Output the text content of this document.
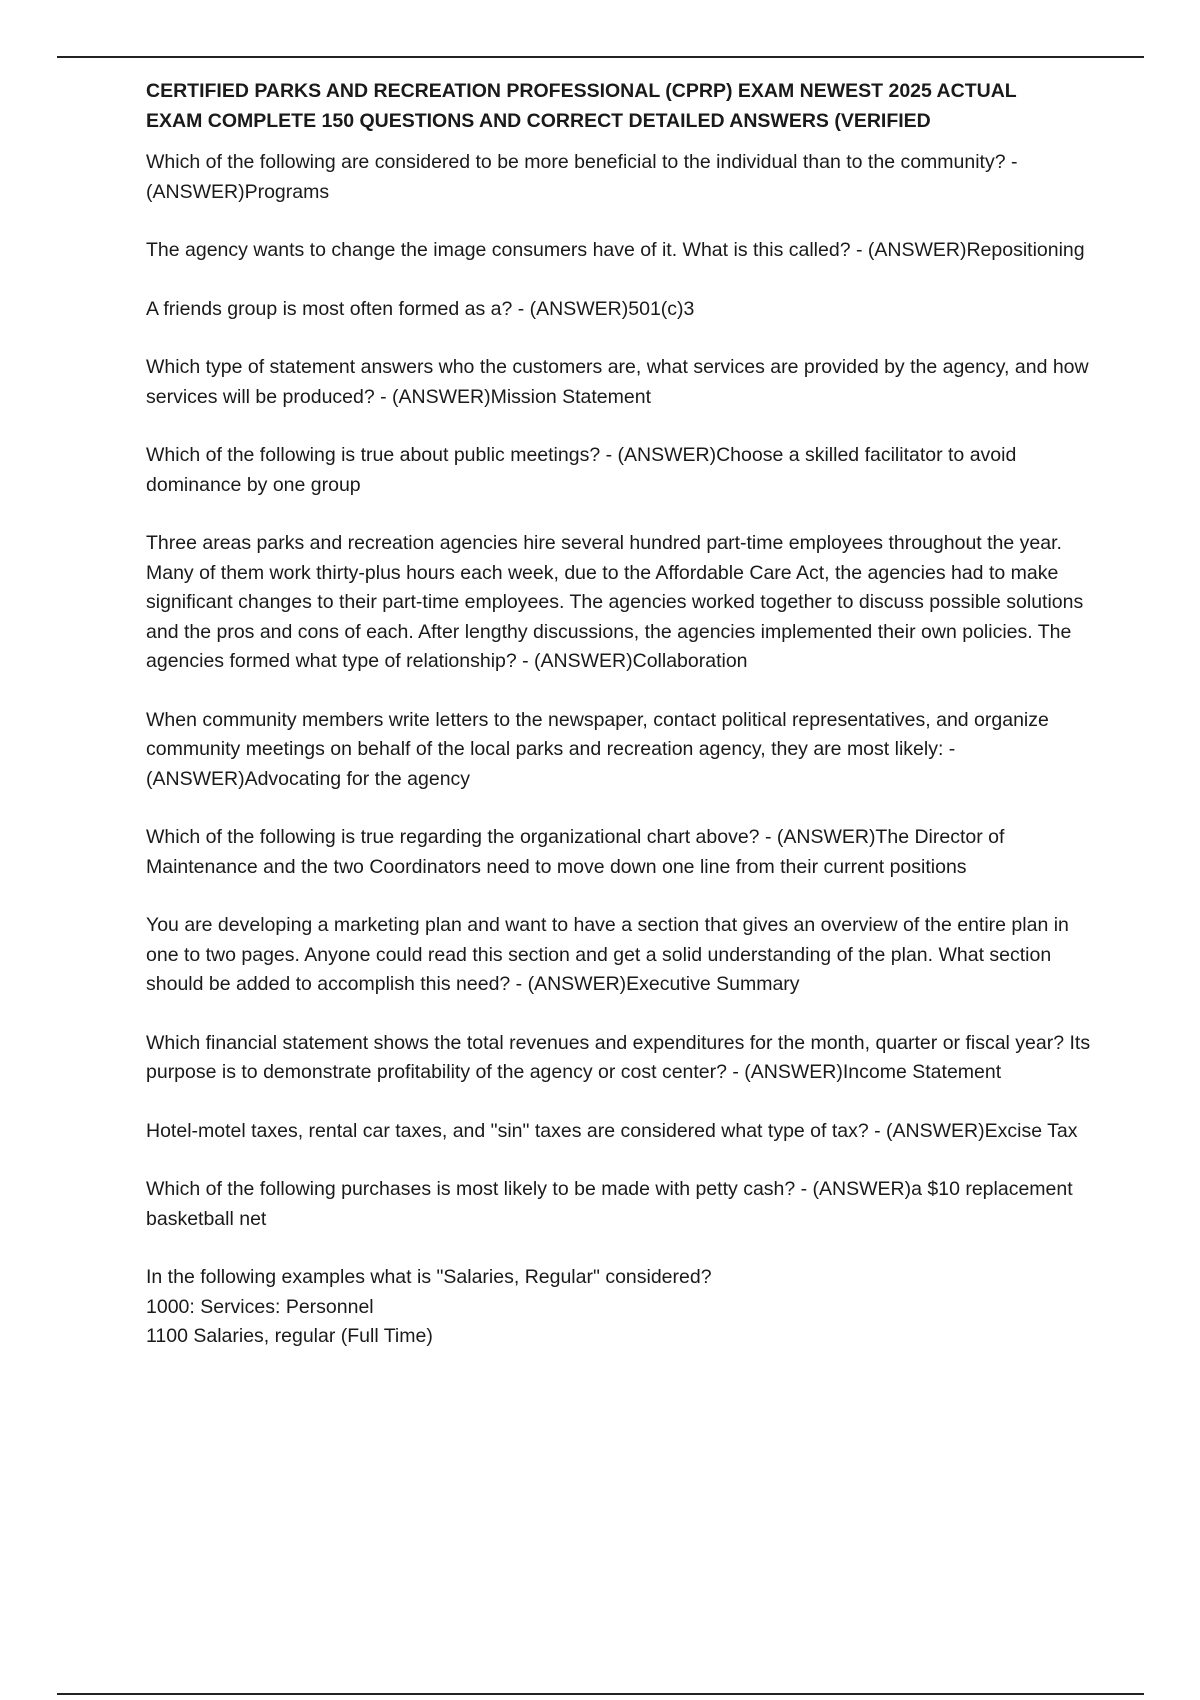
CERTIFIED PARKS AND RECREATION PROFESSIONAL (CPRP) EXAM NEWEST 2025 ACTUAL
EXAM COMPLETE 150 QUESTIONS AND CORRECT DETAILED ANSWERS (VERIFIED

Which of the following are considered to be more beneficial to the individual than to the community? - (ANSWER)Programs

The agency wants to change the image consumers have of it. What is this called? - (ANSWER)Repositioning

A friends group is most often formed as a? - (ANSWER)501(c)3

Which type of statement answers who the customers are, what services are provided by the agency, and how services will be produced? - (ANSWER)Mission Statement

Which of the following is true about public meetings? - (ANSWER)Choose a skilled facilitator to avoid dominance by one group

Three areas parks and recreation agencies hire several hundred part-time employees throughout the year. Many of them work thirty-plus hours each week, due to the Affordable Care Act, the agencies had to make significant changes to their part-time employees. The agencies worked together to discuss possible solutions and the pros and cons of each. After lengthy discussions, the agencies implemented their own policies. The agencies formed what type of relationship? - (ANSWER)Collaboration

When community members write letters to the newspaper, contact political representatives, and organize community meetings on behalf of the local parks and recreation agency, they are most likely: - (ANSWER)Advocating for the agency

Which of the following is true regarding the organizational chart above? - (ANSWER)The Director of Maintenance and the two Coordinators need to move down one line from their current positions

You are developing a marketing plan and want to have a section that gives an overview of the entire plan in one to two pages. Anyone could read this section and get a solid understanding of the plan. What section should be added to accomplish this need? - (ANSWER)Executive Summary

Which financial statement shows the total revenues and expenditures for the month, quarter or fiscal year? Its purpose is to demonstrate profitability of the agency or cost center? - (ANSWER)Income Statement

Hotel-motel taxes, rental car taxes, and "sin" taxes are considered what type of tax? - (ANSWER)Excise Tax

Which of the following purchases is most likely to be made with petty cash? - (ANSWER)a $10 replacement basketball net

In the following examples what is "Salaries, Regular" considered?

1000: Services: Personnel

1100 Salaries, regular (Full Time)
